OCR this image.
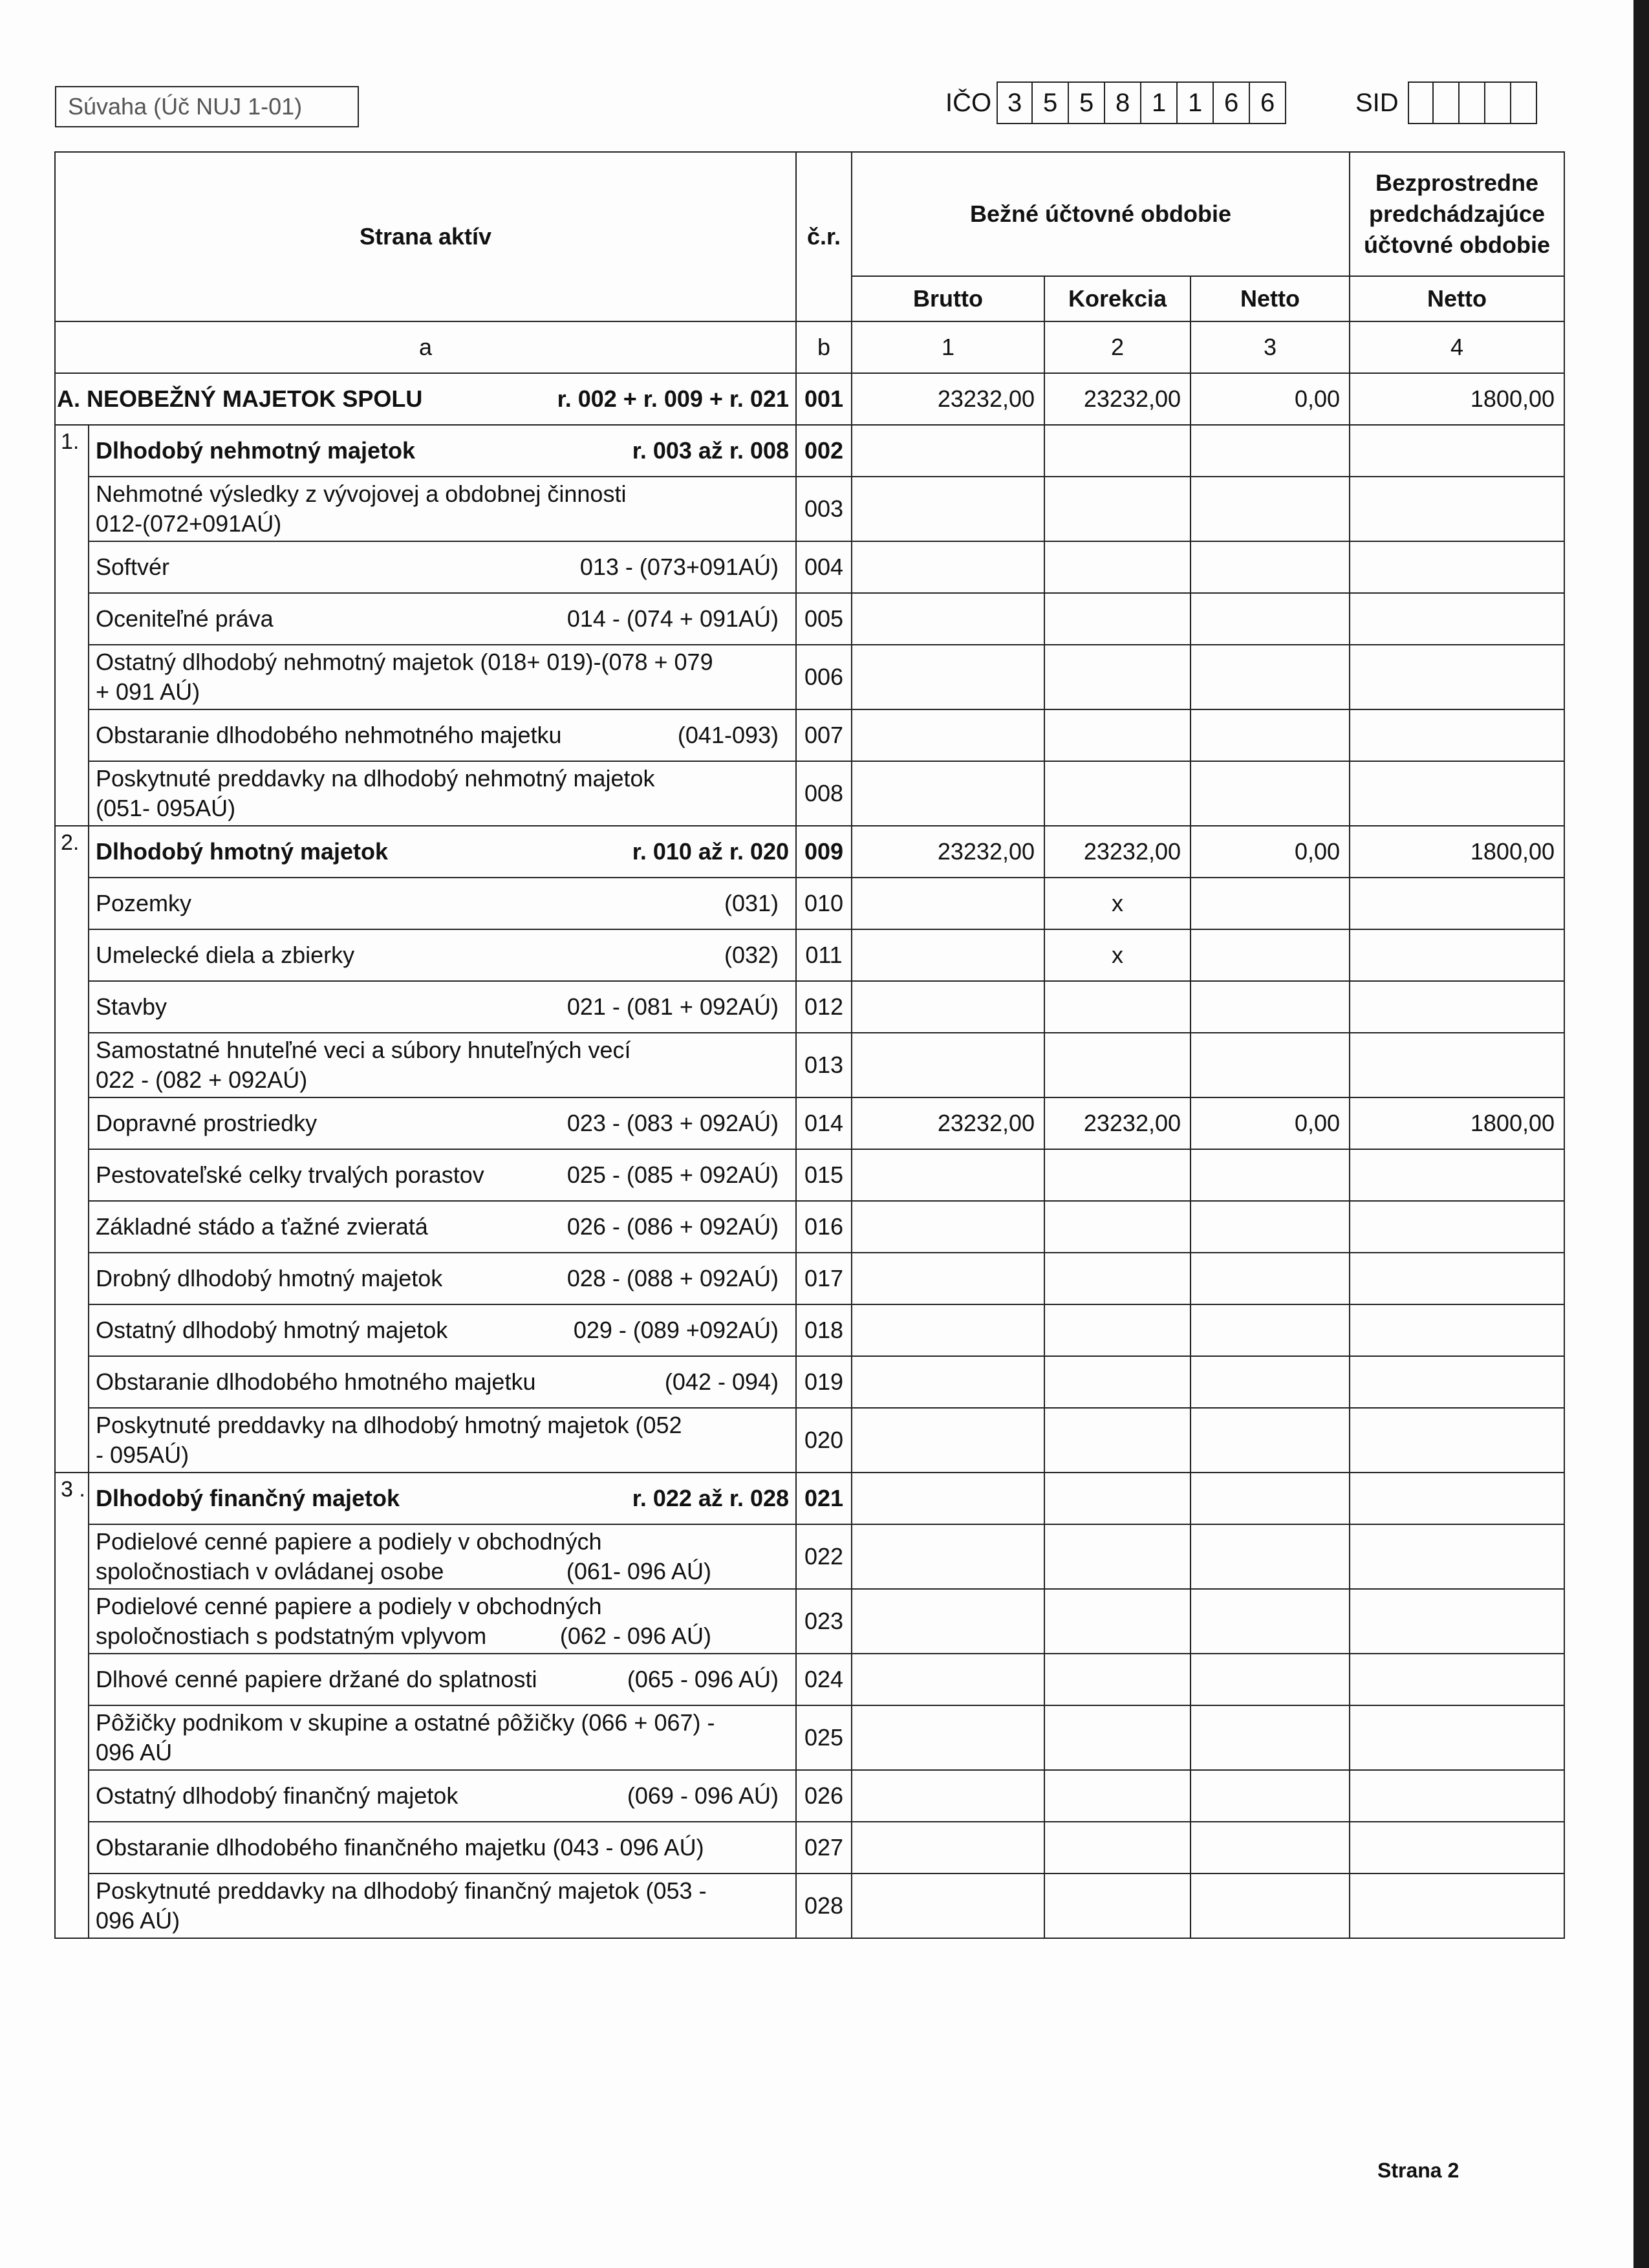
Súvaha (Úč NUJ 1-01)	IČO 3 5 5 8 1 1 6 6	SID
Strana aktív		č.r.	Bežné účtovné obdobie			Bezprostredne predchádzajúce účtovné obdobie
			Brutto	Korekcia	Netto	Netto
a		b	1	2	3	4

A. NEOBEŽNÝ MAJETOK SPOLU r. 002 + r. 009 + r. 021		001	23232,00	23232,00	0,00	1800,00
1.	Dlhodobý nehmotný majetok r. 003 až r. 008	002				

	Nehmotné výsledky z vývojovej a obdobnej činnosti
012-(072+091AÚ)	003				

	Softvér 013 - (073+091AÚ)	004				

	Oceniteľné práva 014 - (074 + 091AÚ)	005				

	Ostatný dlhodobý nehmotný majetok (018+ 019)-(078 + 079
+ 091 AÚ)	006				

	Obstaranie dlhodobého nehmotného majetku (041-093)	007				

	Poskytnuté preddavky na dlhodobý nehmotný majetok
(051- 095AÚ)	008				
2.	Dlhodobý hmotný majetok r. 010 až r. 020	009	23232,00	23232,00	0,00	1800,00

	Pozemky (031)	010		x		

	Umelecké diela a zbierky (032)	011		x		

	Stavby 021 - (081 + 092AÚ)	012				

	Samostatné hnuteľné veci a súbory hnuteľných vecí
022 - (082 + 092AÚ)	013				

	Dopravné prostriedky 023 - (083 + 092AÚ)	014	23232,00	23232,00	0,00	1800,00

	Pestovateľské celky trvalých porastov 025 - (085 + 092AÚ)	015				

	Základné stádo a ťažné zvieratá 026 - (086 + 092AÚ)	016				

	Drobný dlhodobý hmotný majetok 028 - (088 + 092AÚ)	017				

	Ostatný dlhodobý hmotný majetok 029 - (089 +092AÚ)	018				

	Obstaranie dlhodobého hmotného majetku (042 - 094)	019				

	Poskytnuté preddavky na dlhodobý hmotný majetok (052
- 095AÚ)	020				
3 .	Dlhodobý finančný majetok r. 022 až r. 028	021				

	Podielové cenné papiere a podiely v obchodných
spoločnostiach v ovládanej osobe (061- 096 AÚ)	022				

	Podielové cenné papiere a podiely v obchodných
spoločnostiach s podstatným vplyvom (062 - 096 AÚ)	023				

	Dlhové cenné papiere držané do splatnosti (065 - 096 AÚ)	024				

	Pôžičky podnikom v skupine a ostatné pôžičky (066 + 067) -
096 AÚ	025				

	Ostatný dlhodobý finančný majetok (069 - 096 AÚ)	026				

	Obstaranie dlhodobého finančného majetku (043 - 096 AÚ)	027				

	Poskytnuté preddavky na dlhodobý finančný majetok (053 -
096 AÚ)	028				
Strana 2
